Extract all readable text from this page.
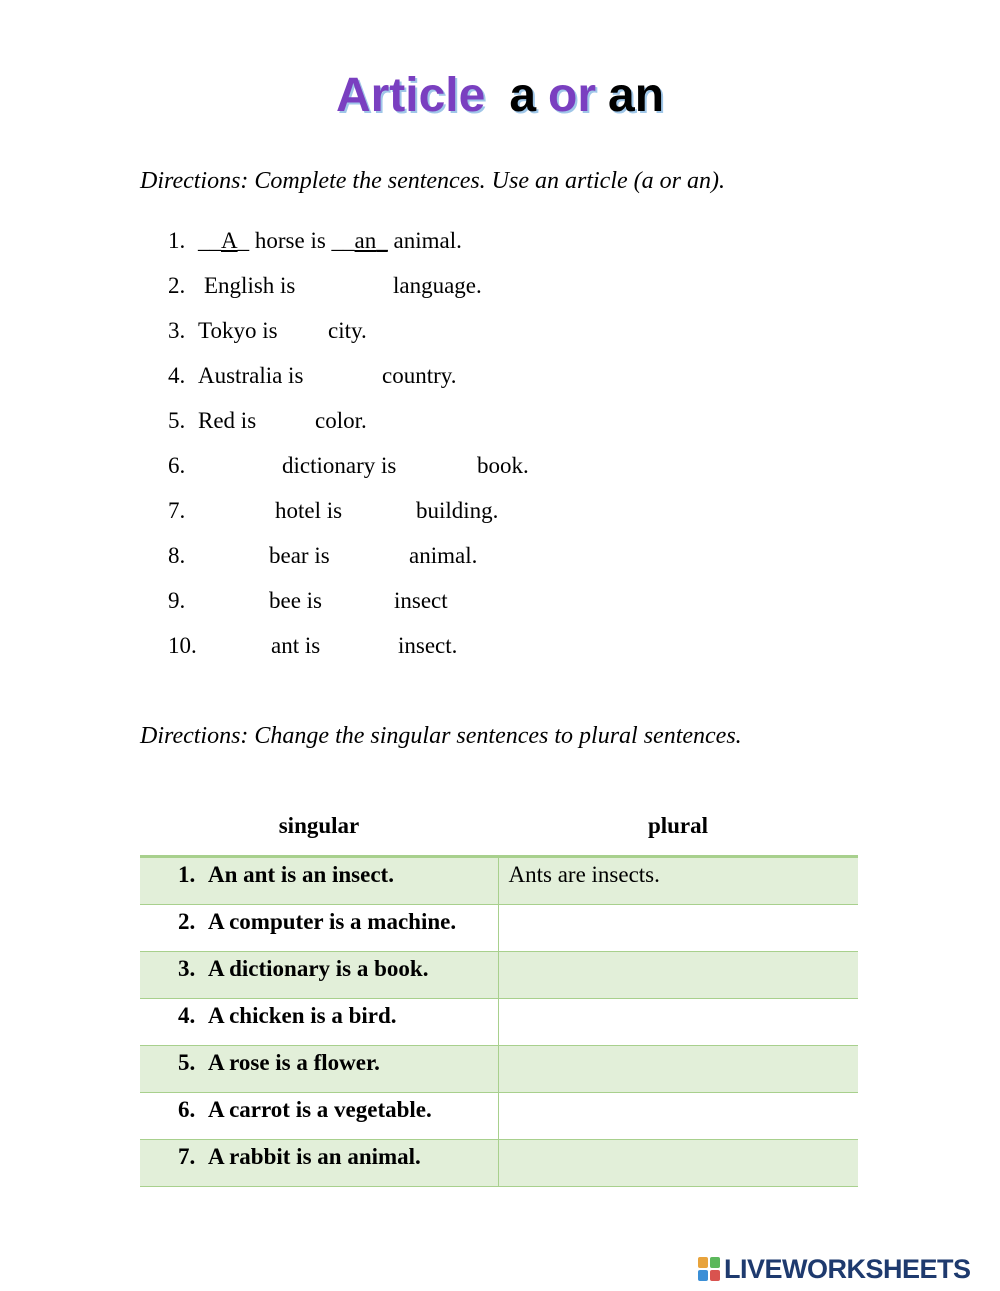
Article a or an

Directions: Complete the sentences. Use an article (a or an).

1. __A_ horse is __an_ animal.
2. English is	language.
3. Tokyo is city.
4. Australia is	country.
5. Red is	color.
6.	dictionary is	book.
7.	hotel is	building.
8.	bear is	animal.
9.	bee is	insect
10.	ant is	insect.

Directions: Change the singular sentences to plural sentences.

singular	plural
1. An ant is an insect.	Ants are insects.
2. A computer is a machine.	
3. A dictionary is a book.	
4. A chicken is a bird.	
5. A rose is a flower.	
6. A carrot is a vegetable.	
7. A rabbit is an animal.	
LIVEWORKSHEETS
